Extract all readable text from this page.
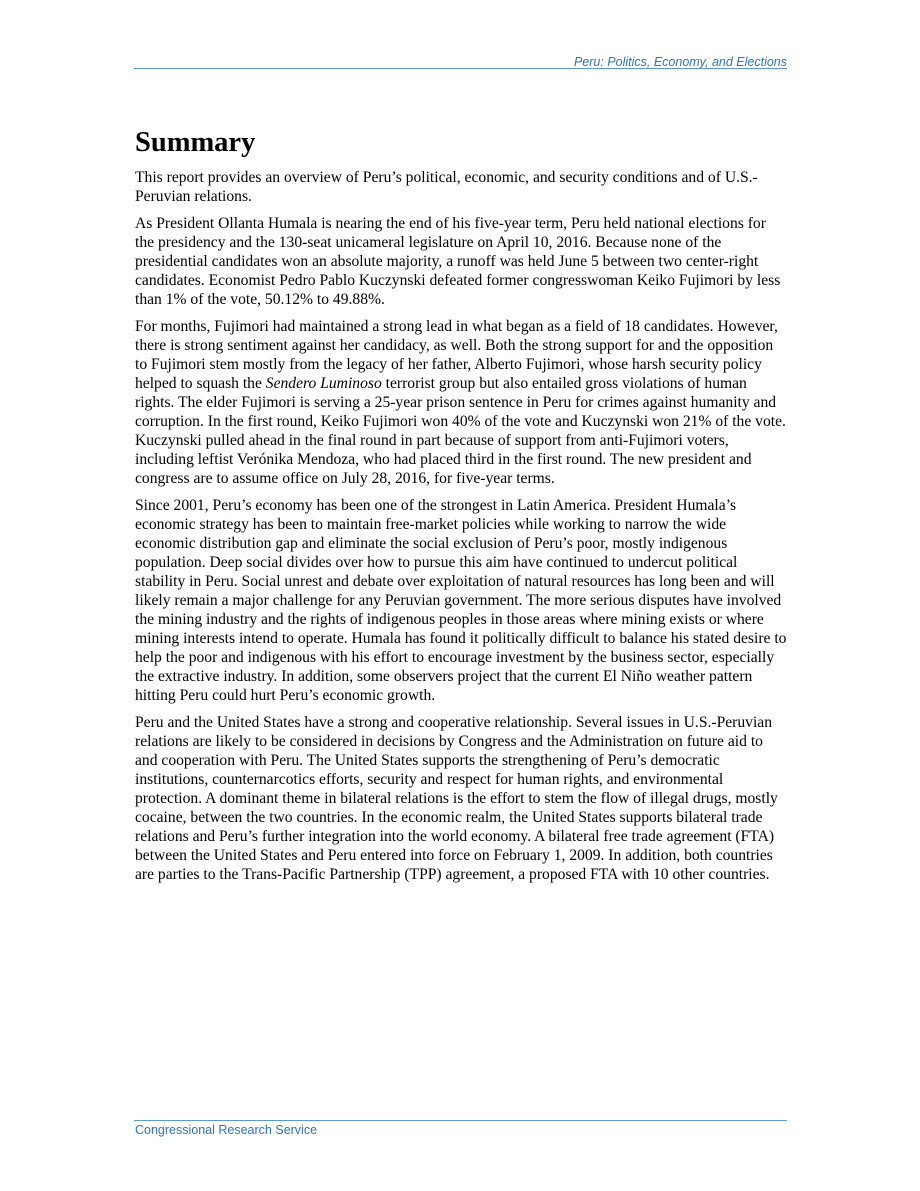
Peru: Politics, Economy, and Elections
Summary

This report provides an overview of Peru’s political, economic, and security conditions and of U.S.-Peruvian relations.

As President Ollanta Humala is nearing the end of his five-year term, Peru held national elections for the presidency and the 130-seat unicameral legislature on April 10, 2016. Because none of the presidential candidates won an absolute majority, a runoff was held June 5 between two center-right candidates. Economist Pedro Pablo Kuczynski defeated former congresswoman Keiko Fujimori by less than 1% of the vote, 50.12% to 49.88%.

For months, Fujimori had maintained a strong lead in what began as a field of 18 candidates. However, there is strong sentiment against her candidacy, as well. Both the strong support for and the opposition to Fujimori stem mostly from the legacy of her father, Alberto Fujimori, whose harsh security policy helped to squash the Sendero Luminoso terrorist group but also entailed gross violations of human rights. The elder Fujimori is serving a 25-year prison sentence in Peru for crimes against humanity and corruption. In the first round, Keiko Fujimori won 40% of the vote and Kuczynski won 21% of the vote. Kuczynski pulled ahead in the final round in part because of support from anti-Fujimori voters, including leftist Verónika Mendoza, who had placed third in the first round. The new president and congress are to assume office on July 28, 2016, for five-year terms.

Since 2001, Peru’s economy has been one of the strongest in Latin America. President Humala’s economic strategy has been to maintain free-market policies while working to narrow the wide economic distribution gap and eliminate the social exclusion of Peru’s poor, mostly indigenous population. Deep social divides over how to pursue this aim have continued to undercut political stability in Peru. Social unrest and debate over exploitation of natural resources has long been and will likely remain a major challenge for any Peruvian government. The more serious disputes have involved the mining industry and the rights of indigenous peoples in those areas where mining exists or where mining interests intend to operate. Humala has found it politically difficult to balance his stated desire to help the poor and indigenous with his effort to encourage investment by the business sector, especially the extractive industry. In addition, some observers project that the current El Niño weather pattern hitting Peru could hurt Peru’s economic growth.

Peru and the United States have a strong and cooperative relationship. Several issues in U.S.-Peruvian relations are likely to be considered in decisions by Congress and the Administration on future aid to and cooperation with Peru. The United States supports the strengthening of Peru’s democratic institutions, counternarcotics efforts, security and respect for human rights, and environmental protection. A dominant theme in bilateral relations is the effort to stem the flow of illegal drugs, mostly cocaine, between the two countries. In the economic realm, the United States supports bilateral trade relations and Peru’s further integration into the world economy. A bilateral free trade agreement (FTA) between the United States and Peru entered into force on February 1, 2009. In addition, both countries are parties to the Trans-Pacific Partnership (TPP) agreement, a proposed FTA with 10 other countries.

Congressional Research Service
